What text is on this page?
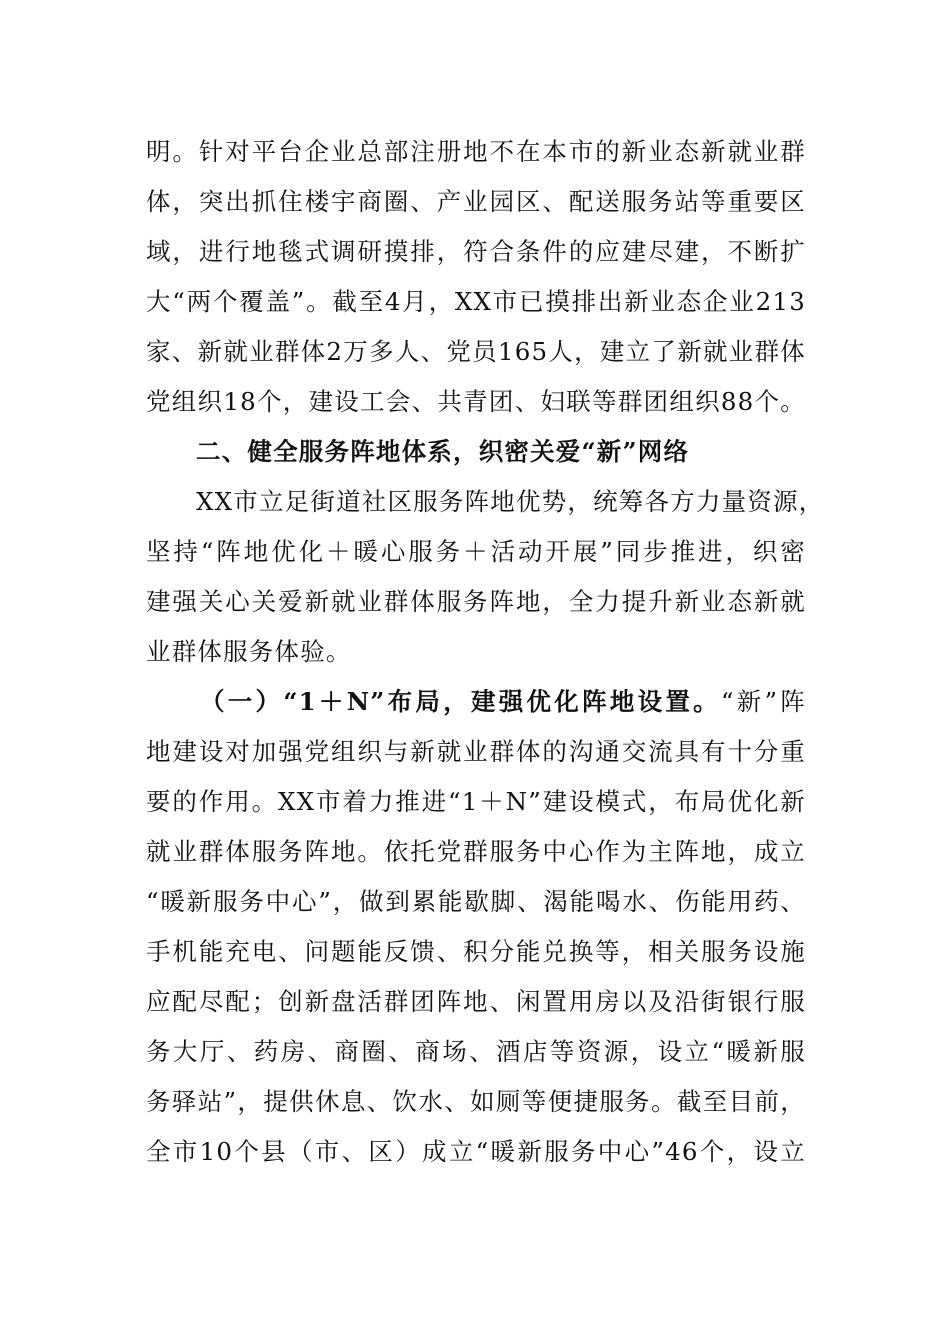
明。针对平台企业总部注册地不在本市的新业态新就业群
体，突出抓住楼宇商圈、产业园区、配送服务站等重要区
域，进行地毯式调研摸排，符合条件的应建尽建，不断扩
大“两个覆盖”。截至4月，XX市已摸排出新业态企业213
家、新就业群体2万多人、党员165人，建立了新就业群体
党组织18个，建设工会、共青团、妇联等群团组织88个。
二、健全服务阵地体系，织密关爱“新”网络
XX市立足街道社区服务阵地优势，统筹各方力量资源，
坚持“阵地优化＋暖心服务＋活动开展”同步推进，织密
建强关心关爱新就业群体服务阵地，全力提升新业态新就
业群体服务体验。
（一）“1＋N”布局，建强优化阵地设置。“新”阵
地建设对加强党组织与新就业群体的沟通交流具有十分重
要的作用。XX市着力推进“1＋N”建设模式，布局优化新
就业群体服务阵地。依托党群服务中心作为主阵地，成立
“暖新服务中心”，做到累能歇脚、渴能喝水、伤能用药、
手机能充电、问题能反馈、积分能兑换等，相关服务设施
应配尽配；创新盘活群团阵地、闲置用房以及沿街银行服
务大厅、药房、商圈、商场、酒店等资源，设立“暖新服
务驿站”，提供休息、饮水、如厕等便捷服务。截至目前，
全市10个县（市、区）成立“暖新服务中心”46个，设立
